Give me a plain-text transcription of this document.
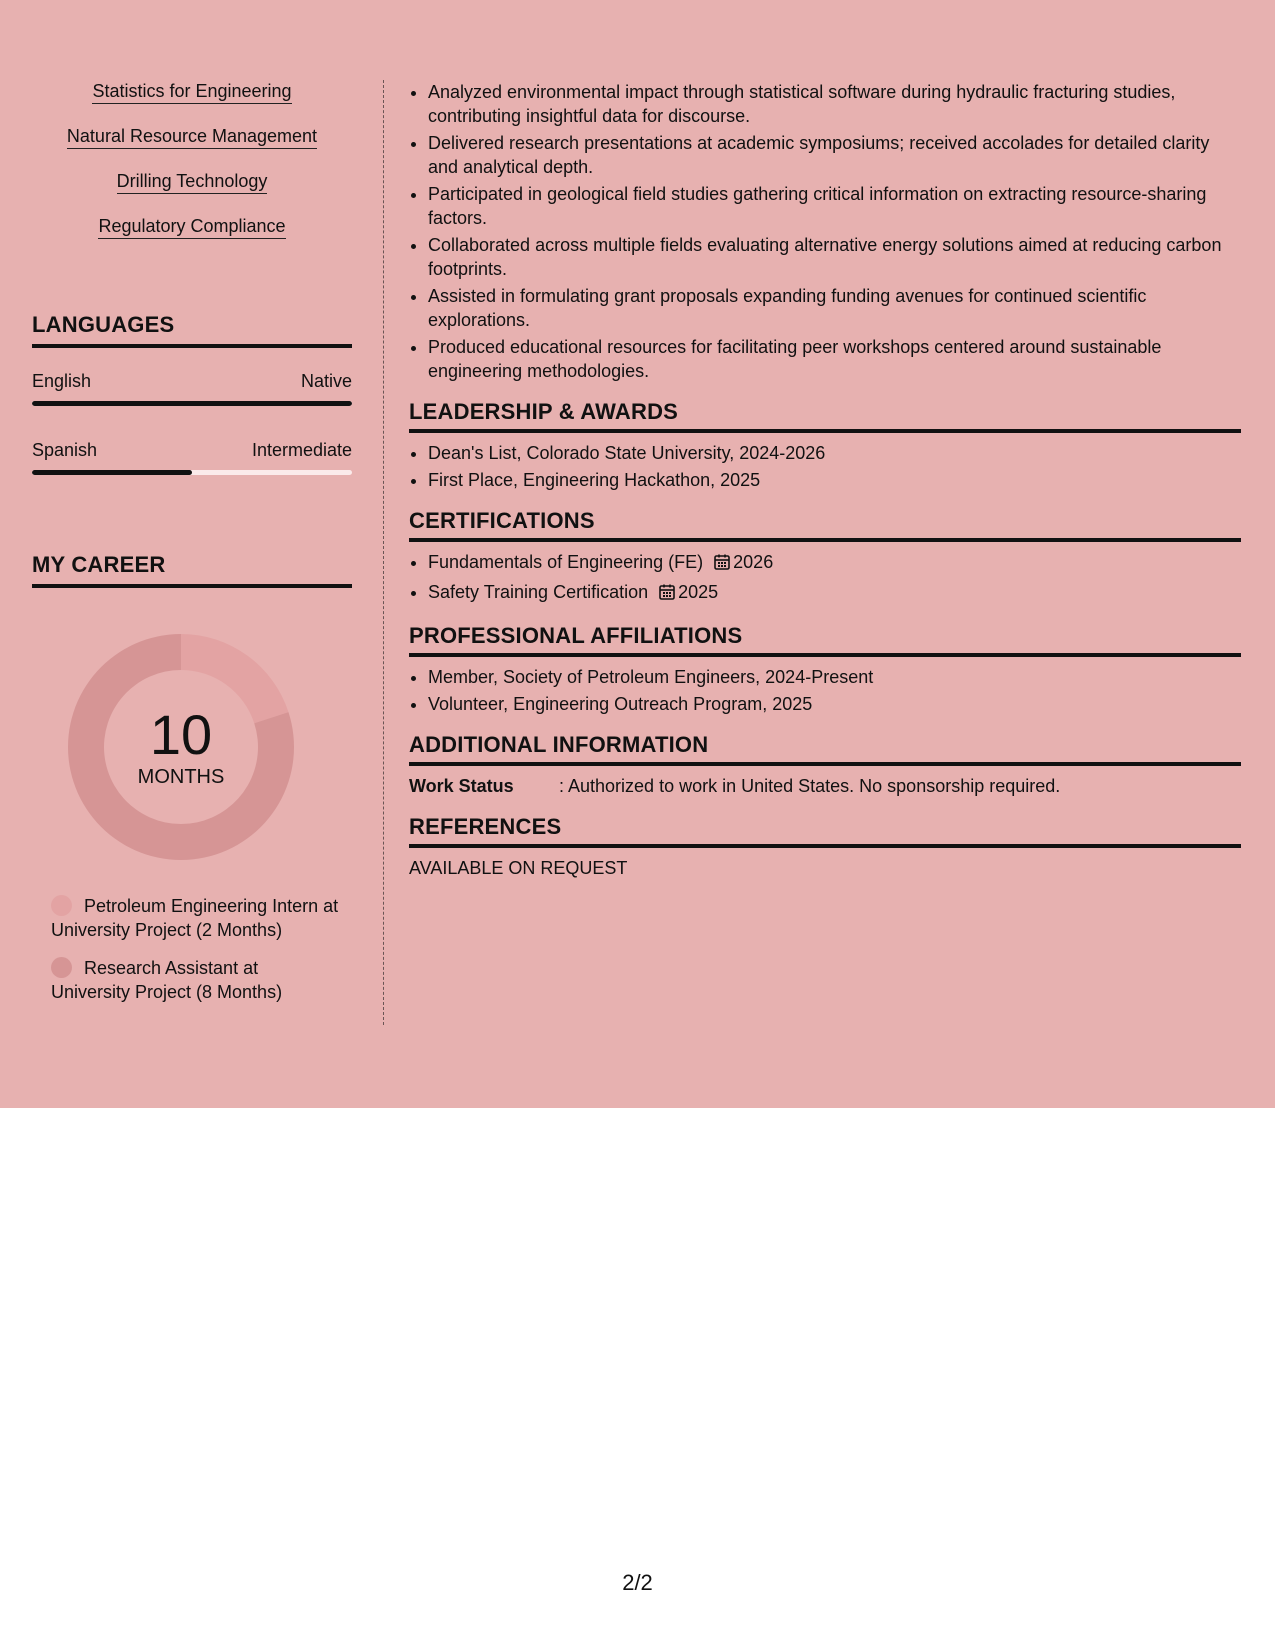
Statistics for Engineering
Natural Resource Management
Drilling Technology
Regulatory Compliance
LANGUAGES
English	Native
Spanish	Intermediate
MY CAREER
10
MONTHS
Petroleum Engineering Intern at University Project (2 Months)
Research Assistant at University Project (8 Months)
• Analyzed environmental impact through statistical software during hydraulic fracturing studies, contributing insightful data for discourse.
• Delivered research presentations at academic symposiums; received accolades for detailed clarity and analytical depth.
• Participated in geological field studies gathering critical information on extracting resource-sharing factors.
• Collaborated across multiple fields evaluating alternative energy solutions aimed at reducing carbon footprints.
• Assisted in formulating grant proposals expanding funding avenues for continued scientific explorations.
• Produced educational resources for facilitating peer workshops centered around sustainable engineering methodologies.
LEADERSHIP & AWARDS
• Dean's List, Colorado State University, 2024-2026
• First Place, Engineering Hackathon, 2025
CERTIFICATIONS
• Fundamentals of Engineering (FE) 2026
• Safety Training Certification 2025
PROFESSIONAL AFFILIATIONS
• Member, Society of Petroleum Engineers, 2024-Present
• Volunteer, Engineering Outreach Program, 2025
ADDITIONAL INFORMATION
Work Status	: Authorized to work in United States. No sponsorship required.
REFERENCES
AVAILABLE ON REQUEST
2/2
